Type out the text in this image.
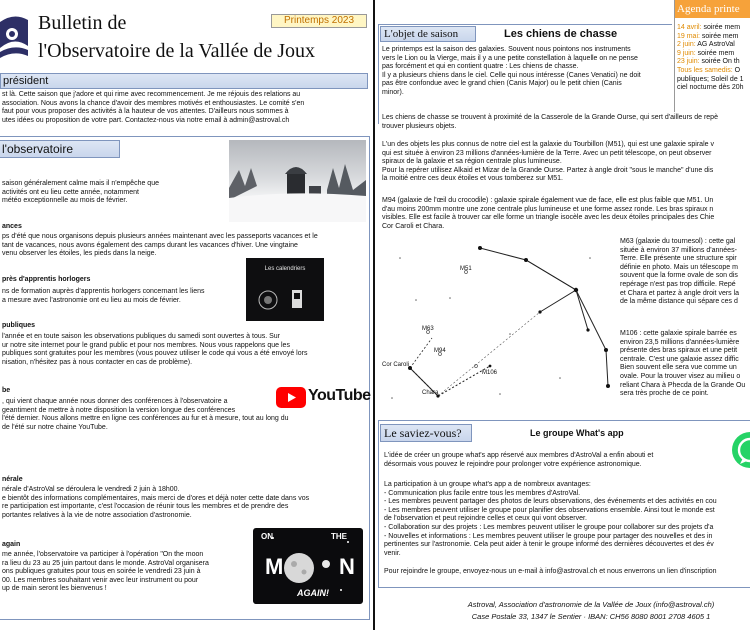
Bulletin de
l'Observatoire de la Vallée de Joux
Printemps 2023
président
st là. Cette saison que j'adore et qui rime avec recommencement. Je me réjouis des relations au
association. Nous avons la chance d'avoir des membres motivés et enthousiastes. Le comité s'en
faut pour vous proposer des activités à la hauteur de vos attentes. D'ailleurs nous sommes à
utes idées ou proposition de votre part. Contactez-nous via notre email à admin@astroval.ch
l'observatoire
saison généralement calme mais il n'empêche que
activités ont eu lieu cette année, notamment
météo exceptionnelle au mois de février.
ances
ps d'été que nous organisons depuis plusieurs années maintenant avec les passeports vacances et le
tant de vacances, nous avons également des camps durant les vacances d'hiver. Une vingtaine
venu observer les étoiles, les pieds dans la neige.
près d'apprentis horlogers
ns de formation auprès d'apprentis horlogers concernant les liens
a mesure avec l'astronomie ont eu lieu au mois de février.
Les calendriers
publiques
l'année et en toute saison les observations publiques du samedi sont ouvertes à tous. Sur
ur notre site internet pour le grand public et pour nos membres. Nous vous rappelons que les
publiques sont gratuites pour les membres (vous pouvez utiliser le code qui vous a été envoyé lors
nisation, n'hésitez pas à nous contacter en cas de problème).
be
, qui vient chaque année nous donner des conférences à l'observatoire a
geantiment de mettre à notre disposition la version longue des conférences
l'été dernier. Nous allons mettre en ligne ces conférences au fur et à mesure, tout au long du
de l'été sur notre chaine YouTube.
YouTube
nérale
nérale d'AstroVal se déroulera le vendredi 2 juin à 18h00.
e bientôt des informations complémentaires, mais merci de d'ores et déjà noter cette date dans vos
re participation est importante, c'est l'occasion de réunir tous les membres et de prendre des
portantes relatives à la vie de notre association d'astronomie.
again
me année, l'observatoire va participer à l'opération "On the moon
ra lieu du 23 au 25 juin partout dans le monde. AstroVal organisera
ons publiques gratuites pour tous en soirée le vendredi 23 juin à
00. Les membres souhaitant venir avec leur instrument ou pour
up de main seront les bienvenus !
ON	THE
M	N
AGAIN!
Agenda printe
14 avril: soirée mem
19 mai: soirée mem
2 juin: AG AstroVal
9 juin: soirée mem
23 juin: soirée On th
Tous les samedis: O
publiques; Soleil de 1
ciel nocturne dès 20h
L'objet de saison	Les chiens de chasse
Le printemps est la saison des galaxies. Souvent nous pointons nos instruments
vers le Lion ou la Vierge, mais il y a une petite constellation à laquelle on ne pense
pas forcément et qui en contient quatre : Les chiens de chasse.
Il y a plusieurs chiens dans le ciel. Celle qui nous intéresse (Canes Venatici) ne doit
pas être confondue avec le grand chien (Canis Major) ou le petit chien (Canis
minor).
Les chiens de chasse se trouvent à proximité de la Casserole de la Grande Ourse, qui sert d'ailleurs de repè
trouver plusieurs objets.
L'un des objets les plus connus de notre ciel est la galaxie du Tourbillon (M51), qui est une galaxie spirale v
qui est située à environ 23 millions d'années-lumière de la Terre. Avec un petit télescope, on peut observer
spiraux de la galaxie et sa région centrale plus lumineuse.
Pour la repérer utilisez Alkaid et Mizar de la Grande Ourse. Partez à angle droit "sous le manche" d'une dis
la moitié entre ces deux étoiles et vous tomberez sur M51.
M94 (galaxie de l'œil du crocodile) : galaxie spirale également vue de face, elle est plus faible que M51. Un
d'au moins 200mm montre une zone centrale plus lumineuse et une forme assez ronde. Les bras spiraux n
visibles. Elle est facile à trouver car elle forme un triangle isocèle avec les deux étoiles principales des Chie
Cor Caroli et Chara.
M51
M63
M94
M106
Cor Caroli
Chara
M63 (galaxie du tournesol) : cette gal
située à environ 37 millions d'années-
Terre. Elle présente une structure spir
définie en photo. Mais un télescope m
souvent que la forme ovale de son dis
repérage n'est pas trop difficile. Repé
et Chara et partez à angle droit vers la
de la même distance qui sépare ces d
M106 : cette galaxie spirale barrée es
environ 23,5 millions d'années-lumière
présente des bras spiraux et une petit
centrale. C'est une galaxie assez diffic
Bien souvent elle sera vue comme un
ovale. Pour la trouver visez au milieu o
reliant Chara à Phecda de la Grande Ou
sera très proche de ce point.
Le saviez-vous?	Le groupe What's app
L'idée de créer un groupe what's app réservé aux membres d'AstroVal a enfin abouti et
désormais vous pouvez le rejoindre pour prolonger votre expérience astronomique.
La participation à un groupe what's app a de nombreux avantages:
- Communication plus facile entre tous les membres d'AstroVal.
- Les membres peuvent partager des photos de leurs observations, des événements et des activités en cou
- Les membres peuvent utiliser le groupe pour planifier des observations ensemble. Ainsi tout le monde est
de l'observation et peut rejoindre celles et ceux qui vont observer.
- Collaboration sur des projets : Les membres peuvent utiliser le groupe pour collaborer sur des projets d'a
- Nouvelles et informations : Les membres peuvent utiliser le groupe pour partager des nouvelles et des in
pertinentes sur l'astronomie. Cela peut aider à tenir le groupe informé des dernières découvertes et des év
venir.
Pour rejoindre le groupe, envoyez-nous un e-mail à info@astroval.ch et nous enverrons un lien d'inscription
Astroval, Association d'astronomie de la Vallée de Joux (info@astroval.ch)
Case Postale 33, 1347 le Sentier · IBAN: CH56 8080 8001 2708 4605 1
